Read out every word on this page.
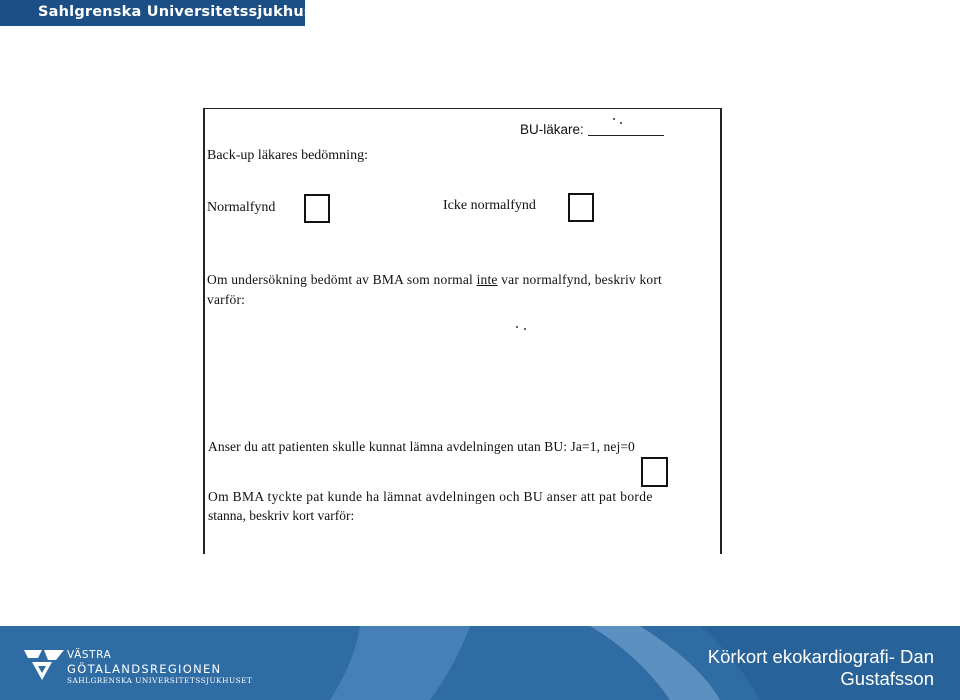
Sahlgrenska Universitetssjukhuset
BU-läkare:
Back-up läkares bedömning:
Normalfynd	Icke normalfynd
Om undersökning bedömt av BMA som normal inte var normalfynd, beskriv kort
varför:
Anser du att patienten skulle kunnat lämna avdelningen utan BU: Ja=1, nej=0
Om BMA tyckte pat kunde ha lämnat avdelningen och BU anser att pat borde
stanna, beskriv kort varför:
VÄSTRA
GÖTALANDSREGIONEN
SAHLGRENSKA UNIVERSITETSSJUKHUSET
Körkort ekokardiografi- Dan Gustafsson
